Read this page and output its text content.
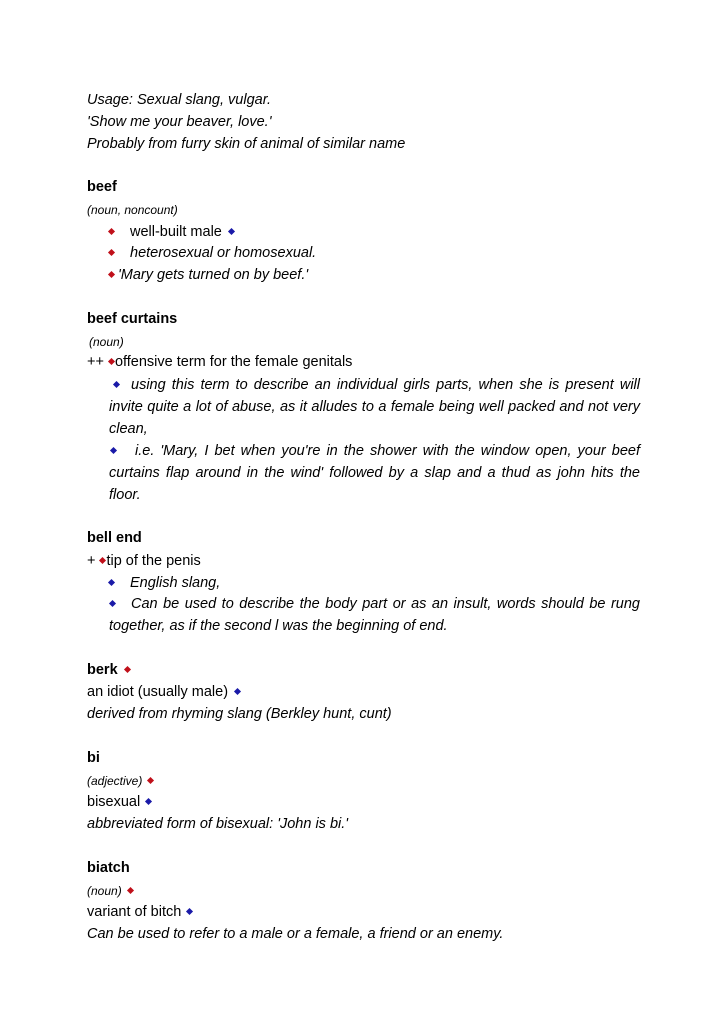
Usage: Sexual slang, vulgar.
'Show me your beaver, love.'
Probably from furry skin of animal of similar name
beef
(noun, noncount)
well-built male
heterosexual or homosexual.
'Mary gets turned on by beef.'
beef curtains
(noun)
++ offensive term for the female genitals
using this term to describe an individual girls parts, when she is present will invite quite a lot of abuse, as it alludes to a female being well packed and not very clean,
i.e. 'Mary, I bet when you're in the shower with the window open, your beef curtains flap around in the wind' followed by a slap and a thud as john hits the floor.
bell end
+ tip of the penis
English slang,
Can be used to describe the body part or as an insult, words should be rung together, as if the second l was the beginning of end.
berk
an idiot (usually male)
derived from rhyming slang (Berkley hunt, cunt)
bi
(adjective)
bisexual
abbreviated form of bisexual: 'John is bi.'
biatch
(noun)
variant of bitch
Can be used to refer to a male or a female, a friend or an enemy.
